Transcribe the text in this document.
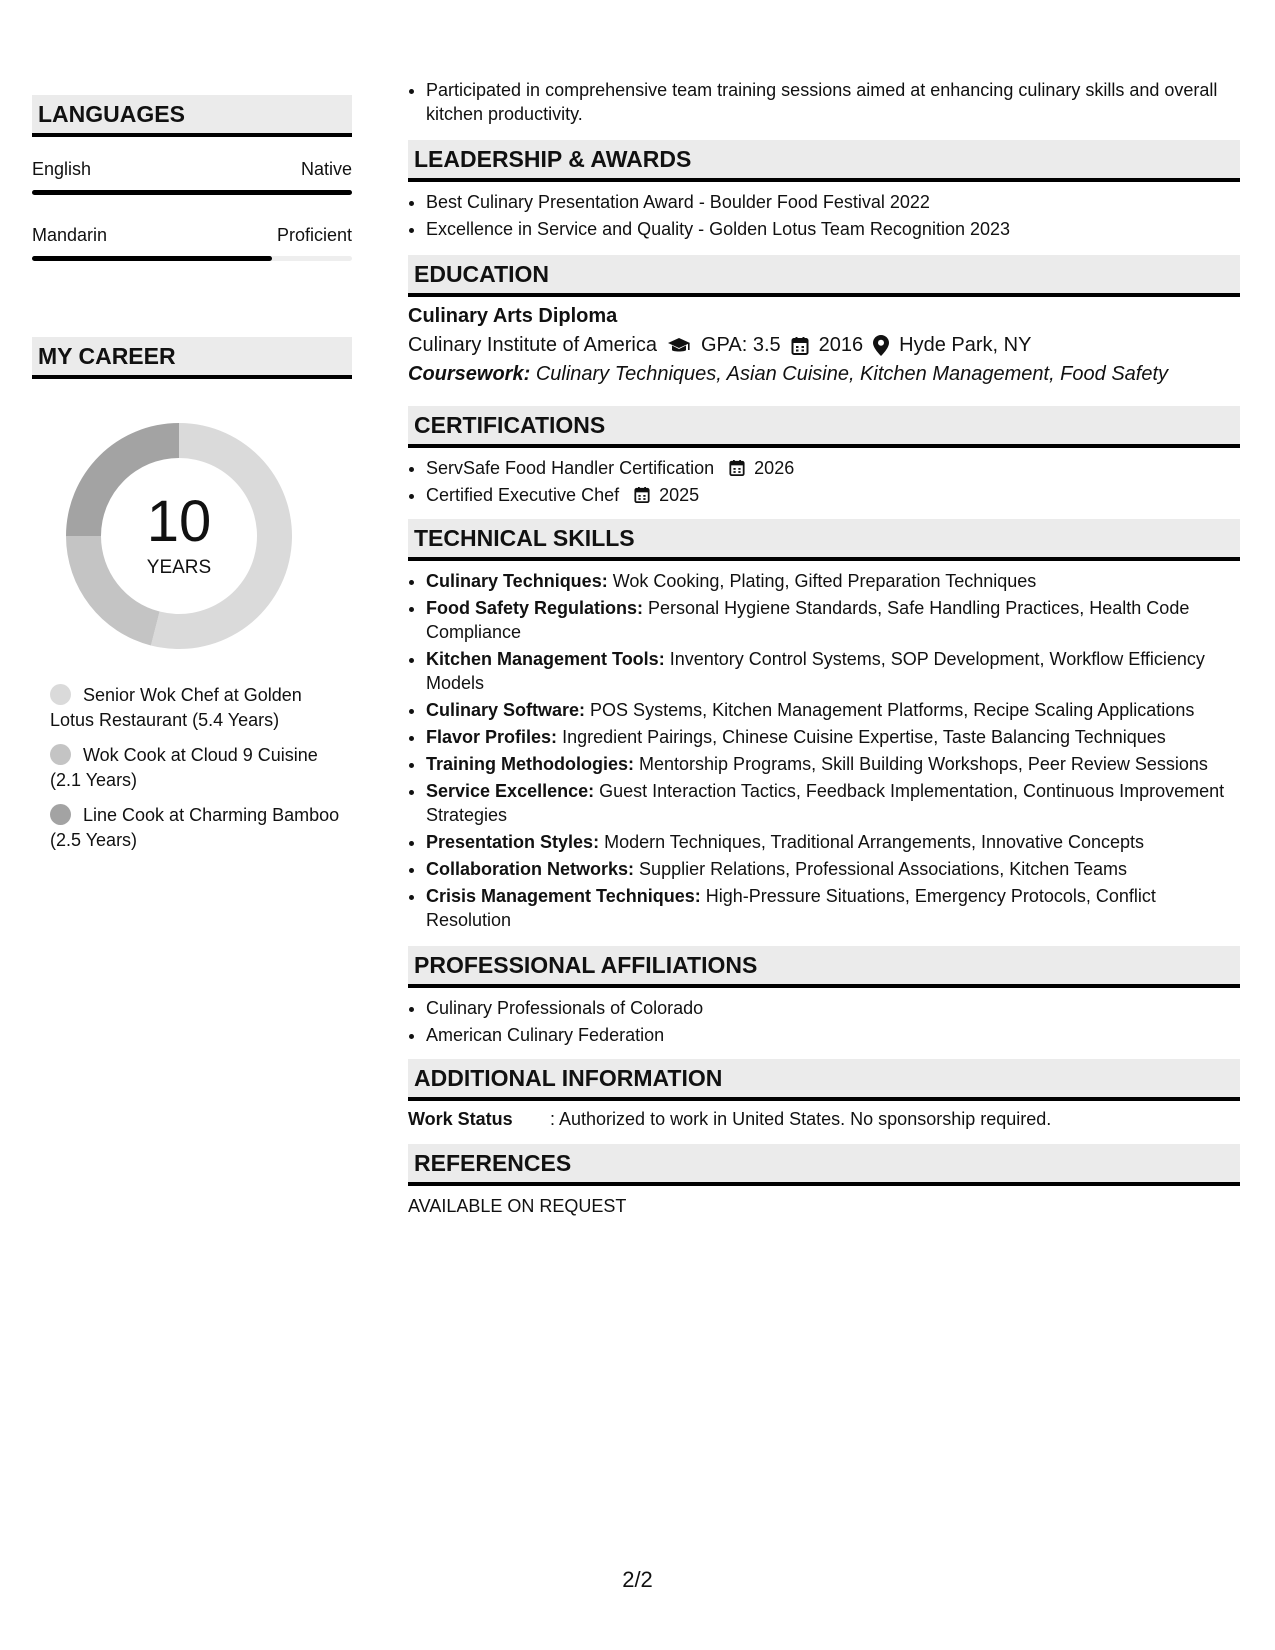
LANGUAGES
English	Native
Mandarin	Proficient
MY CAREER
10
YEARS
Senior Wok Chef at Golden Lotus Restaurant (5.4 Years)
Wok Cook at Cloud 9 Cuisine (2.1 Years)
Line Cook at Charming Bamboo (2.5 Years)
• Participated in comprehensive team training sessions aimed at enhancing culinary skills and overall kitchen productivity.
LEADERSHIP & AWARDS
• Best Culinary Presentation Award - Boulder Food Festival 2022
• Excellence in Service and Quality - Golden Lotus Team Recognition 2023
EDUCATION
Culinary Arts Diploma
Culinary Institute of America GPA: 3.5 2016 Hyde Park, NY
Coursework: Culinary Techniques, Asian Cuisine, Kitchen Management, Food Safety
CERTIFICATIONS
• ServSafe Food Handler Certification 2026
• Certified Executive Chef 2025
TECHNICAL SKILLS
• Culinary Techniques: Wok Cooking, Plating, Gifted Preparation Techniques
• Food Safety Regulations: Personal Hygiene Standards, Safe Handling Practices, Health Code Compliance
• Kitchen Management Tools: Inventory Control Systems, SOP Development, Workflow Efficiency Models
• Culinary Software: POS Systems, Kitchen Management Platforms, Recipe Scaling Applications
• Flavor Profiles: Ingredient Pairings, Chinese Cuisine Expertise, Taste Balancing Techniques
• Training Methodologies: Mentorship Programs, Skill Building Workshops, Peer Review Sessions
• Service Excellence: Guest Interaction Tactics, Feedback Implementation, Continuous Improvement Strategies
• Presentation Styles: Modern Techniques, Traditional Arrangements, Innovative Concepts
• Collaboration Networks: Supplier Relations, Professional Associations, Kitchen Teams
• Crisis Management Techniques: High-Pressure Situations, Emergency Protocols, Conflict Resolution
PROFESSIONAL AFFILIATIONS
• Culinary Professionals of Colorado
• American Culinary Federation
ADDITIONAL INFORMATION
Work Status	: Authorized to work in United States. No sponsorship required.
REFERENCES
AVAILABLE ON REQUEST
2/2
